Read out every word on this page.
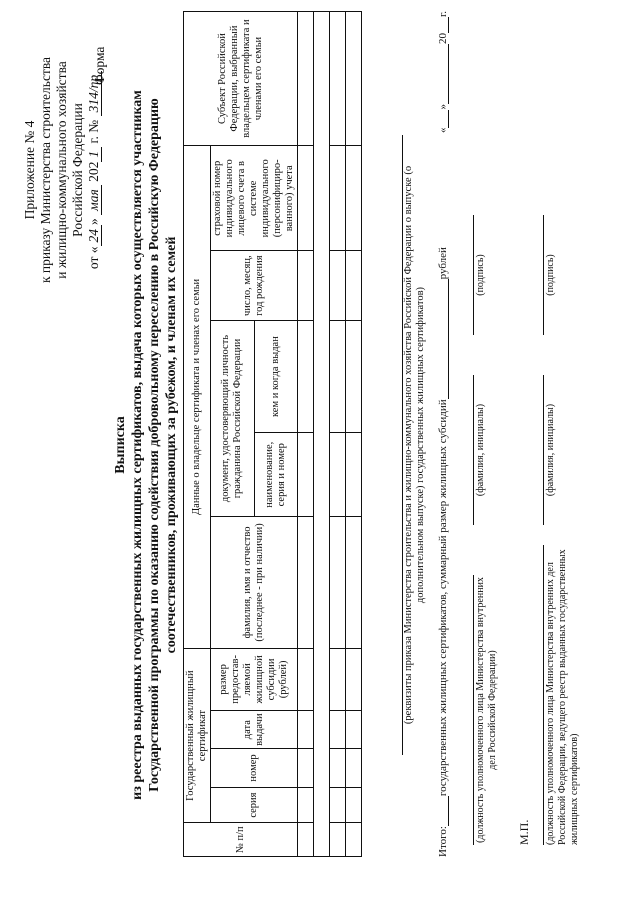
Приложение № 4 к приказу Министерства строительства и жилищно-коммунального хозяйства Российской Федерации
от «24» мая 2021 г. № 314/пр
Форма
Выписка из реестра выданных государственных жилищных сертификатов, выдача которых осуществляется участникам Государственной программы по оказанию содействия добровольному переселению в Российскую Федерацию соотечественников, проживающих за рубежом, и членам их семей
№ п/п	Государственный жилищный сертификат				Данные о владельце сертификата и членах его семьи					Субъект Российской Федерации, выбранный владельцем сертификата и членами его семьи
	серия	номер	дата выдачи	размер предостав-ляемой жилищной субсидии (рублей)	фамилия, имя и отчество (последнее - при наличии)	документ, удостоверяющий личность гражданина Российской Федерации		число, месяц, год рождения	страховой номер индивидуального лицевого счета в системе индивидуального (персонифициро-ванного) учета	
						наименование, серия и номер	кем и когда выдан			

											(реквизиты приказа Министерства строительства и жилищно-коммунального хозяйства Российской Федерации о выпуске (о дополнительном выпуске) государственных жилищных сертификатов)
Итого:
государственных жилищных сертификатов, суммарный размер жилищных субсидий
рублей
«
»
20
г.
(должность уполномоченного лица Министерства внутренних дел Российской Федерации)
(фамилия, инициалы)
(подпись)
М.П. (должность уполномоченного лица Министерства внутренних дел Российской Федерации, ведущего реестр выданных государственных жилищных сертификатов)
(фамилия, инициалы)
(подпись)
